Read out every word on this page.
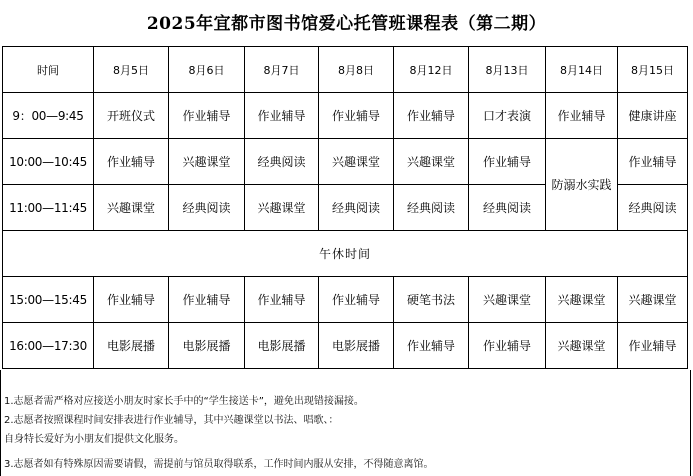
2025年宜都市图书馆爱心托管班课程表（第二期）
时间	8月5日	8月6日	8月7日	8月8日	8月12日	8月13日	8月14日	8月15日
9：00—9:45	开班仪式	作业辅导	作业辅导	作业辅导	作业辅导	口才表演	作业辅导	健康讲座
10:00—10:45	作业辅导	兴趣课堂	经典阅读	兴趣课堂	兴趣课堂	作业辅导	防溺水实践	作业辅导
11:00—11:45	兴趣课堂	经典阅读	兴趣课堂	经典阅读	经典阅读	经典阅读		经典阅读
午休时间								
15:00—15:45	作业辅导	作业辅导	作业辅导	作业辅导	硬笔书法	兴趣课堂	兴趣课堂	兴趣课堂
16:00—17:30	电影展播	电影展播	电影展播	电影展播	作业辅导	作业辅导	兴趣课堂	作业辅导
1.志愿者需严格对应接送小朋友时家长手中的“学生接送卡”，避免出现错接漏接。
2.志愿者按照课程时间安排表进行作业辅导，其中兴趣课堂以书法、唱歌、：
自身特长爱好为小朋友们提供文化服务。
3.志愿者如有特殊原因需要请假，需提前与馆员取得联系，工作时间内服从安排，不得随意离馆。
